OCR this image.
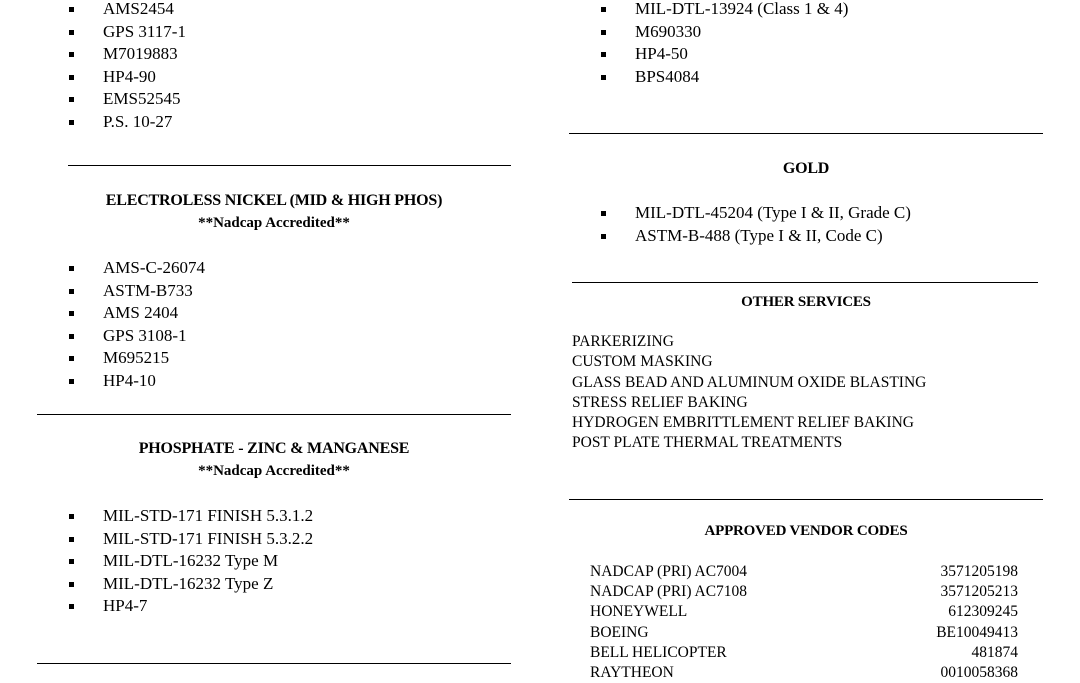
AMS2454
GPS 3117-1
M7019883
HP4-90
EMS52545
P.S. 10-27
ELECTROLESS NICKEL (MID & HIGH PHOS)
**Nadcap Accredited**
AMS-C-26074
ASTM-B733
AMS 2404
GPS 3108-1
M695215
HP4-10
PHOSPHATE - ZINC & MANGANESE
**Nadcap Accredited**
MIL-STD-171 FINISH 5.3.1.2
MIL-STD-171 FINISH 5.3.2.2
MIL-DTL-16232 Type M
MIL-DTL-16232 Type Z
HP4-7
MIL-DTL-13924 (Class 1 & 4)
M690330
HP4-50
BPS4084
GOLD
MIL-DTL-45204 (Type I & II, Grade C)
ASTM-B-488 (Type I & II, Code C)
OTHER SERVICES
PARKERIZING
CUSTOM MASKING
GLASS BEAD AND ALUMINUM OXIDE BLASTING
STRESS RELIEF BAKING
HYDROGEN EMBRITTLEMENT RELIEF BAKING
POST PLATE THERMAL TREATMENTS
APPROVED VENDOR CODES
NADCAP (PRI) AC7004	3571205198
NADCAP (PRI) AC7108	3571205213
HONEYWELL	612309245
BOEING	BE10049413
BELL HELICOPTER	481874
RAYTHEON	0010058368
